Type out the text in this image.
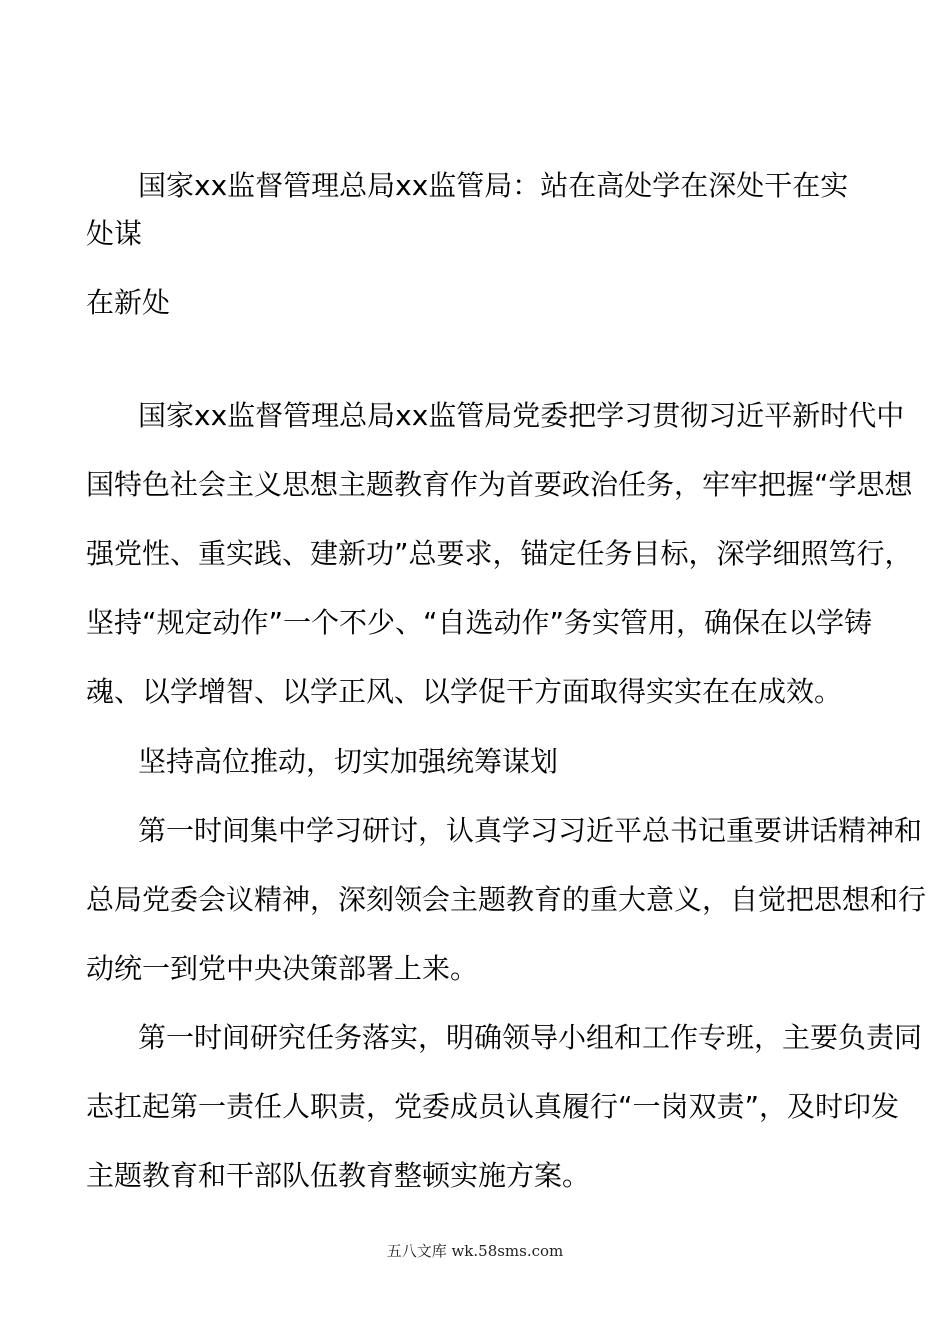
国家xx监督管理总局xx监管局：站在高处学在深处干在实处谋
在新处
国家xx监督管理总局xx监管局党委把学习贯彻习近平新时代中
国特色社会主义思想主题教育作为首要政治任务，牢牢把握“学思想
强党性、重实践、建新功”总要求，锚定任务目标，深学细照笃行，
坚持“规定动作”一个不少、“自选动作”务实管用，确保在以学铸
魂、以学增智、以学正风、以学促干方面取得实实在在成效。
坚持高位推动，切实加强统筹谋划
第一时间集中学习研讨，认真学习习近平总书记重要讲话精神和
总局党委会议精神，深刻领会主题教育的重大意义，自觉把思想和行
动统一到党中央决策部署上来。
第一时间研究任务落实，明确领导小组和工作专班，主要负责同
志扛起第一责任人职责，党委成员认真履行“一岗双责”，及时印发
主题教育和干部队伍教育整顿实施方案。
五八文库 wk.58sms.com
